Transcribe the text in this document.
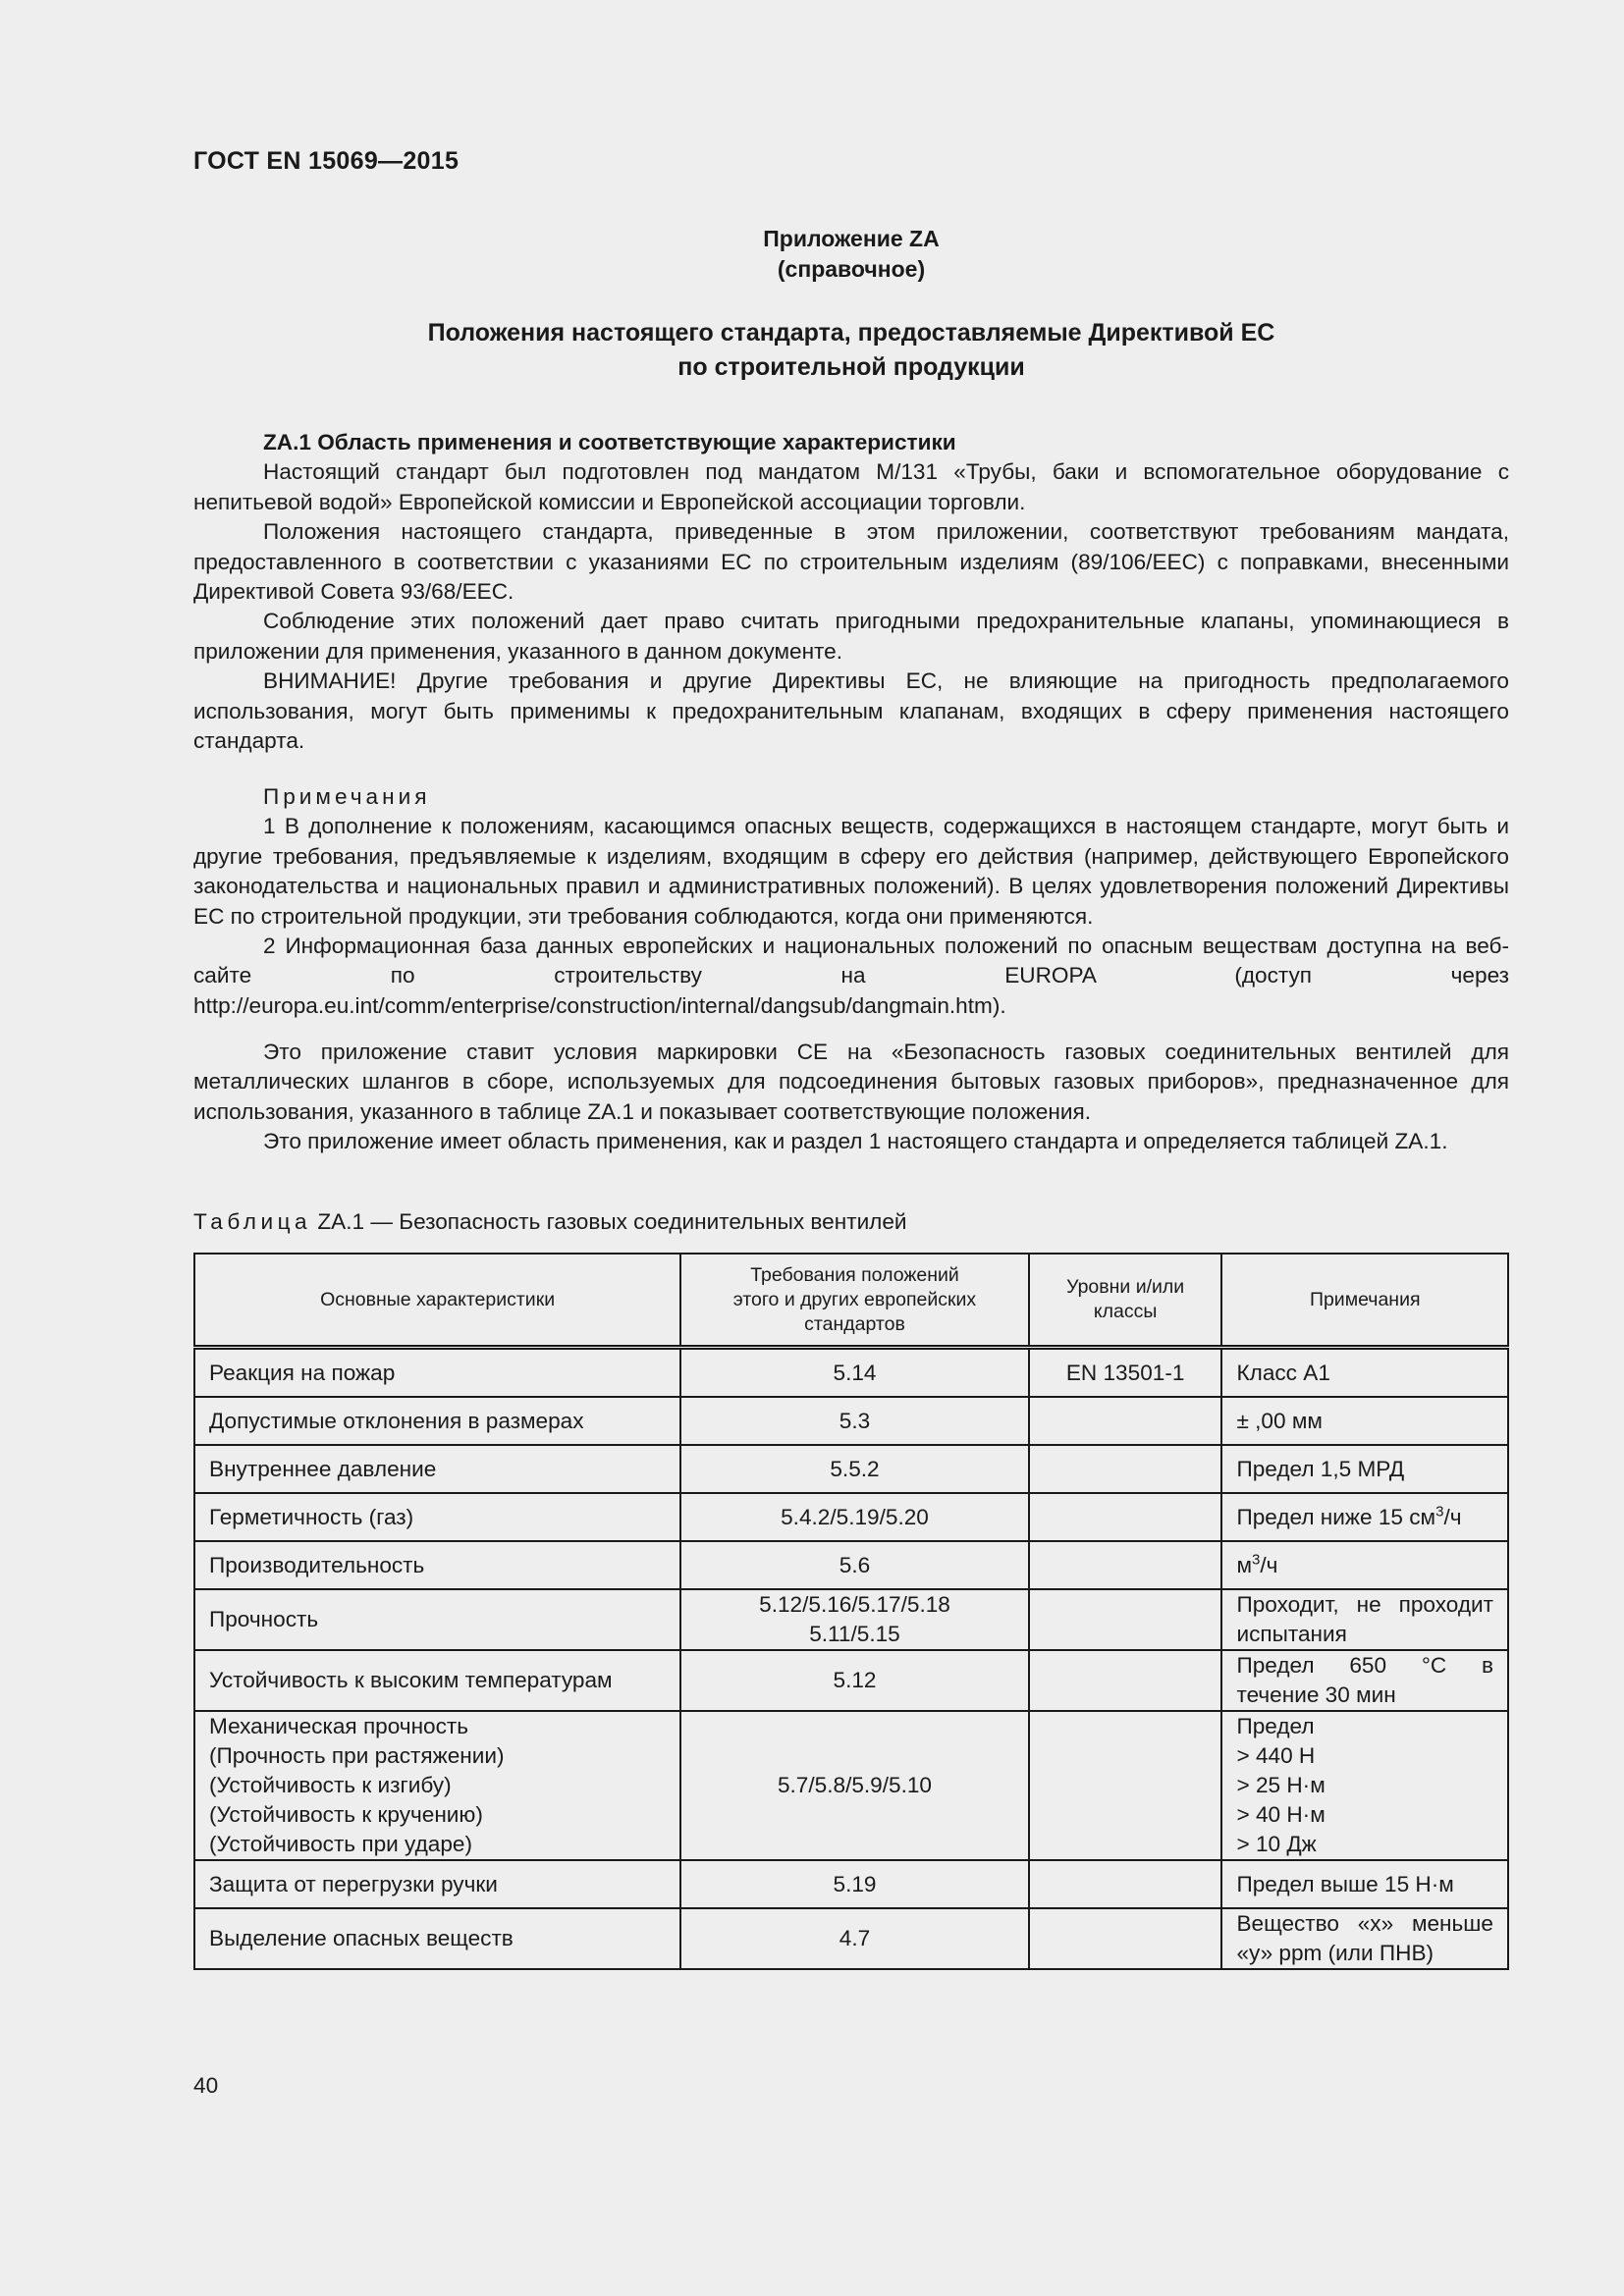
ГОСТ EN 15069—2015
Приложение ZA
(справочное)
Положения настоящего стандарта, предоставляемые Директивой ЕС
по строительной продукции

ZA.1 Область применения и соответствующие характеристики

Настоящий стандарт был подготовлен под мандатом М/131 «Трубы, баки и вспомогательное оборудование с непитьевой водой» Европейской комиссии и Европейской ассоциации торговли.

Положения настоящего стандарта, приведенные в этом приложении, соответствуют требованиям мандата, предоставленного в соответствии с указаниями ЕС по строительным изделиям (89/106/ЕЕС) с поправками, внесенными Директивой Совета 93/68/ЕЕС.

Соблюдение этих положений дает право считать пригодными предохранительные клапаны, упоминающиеся в приложении для применения, указанного в данном документе.

ВНИМАНИЕ! Другие требования и другие Директивы ЕС, не влияющие на пригодность предполагаемого использования, могут быть применимы к предохранительным клапанам, входящих в сферу применения настоящего стандарта.

Примечания

1 В дополнение к положениям, касающимся опасных веществ, содержащихся в настоящем стандарте, могут быть и другие требования, предъявляемые к изделиям, входящим в сферу его действия (например, действующего Европейского законодательства и национальных правил и административных положений). В целях удовлетворения положений Директивы ЕС по строительной продукции, эти требования соблюдаются, когда они применяются.

2 Информационная база данных европейских и национальных положений по опасным веществам доступна на веб-сайте по строительству на EUROPA (доступ через http://europa.eu.int/comm/enterprise/construction/internal/dangsub/dangmain.htm).

Это приложение ставит условия маркировки СЕ на «Безопасность газовых соединительных вентилей для металлических шлангов в сборе, используемых для подсоединения бытовых газовых приборов», предназначенное для использования, указанного в таблице ZA.1 и показывает соответствующие положения.

Это приложение имеет область применения, как и раздел 1 настоящего стандарта и определяется таблицей ZA.1.

Таблица ZA.1 — Безопасность газовых соединительных вентилей
Основные характеристики	Требования положений
этого и других европейских
стандартов	Уровни и/или
классы	Примечания
Реакция на пожар	5.14	EN 13501-1	Класс А1
Допустимые отклонения в размерах	5.3		± ,00 мм
Внутреннее давление	5.5.2		Предел 1,5 МРД
Герметичность (газ)	5.4.2/5.19/5.20		Предел ниже 15 $см^3/ч$
Производительность	5.6		$м^3/ч$
Прочность	5.12/5.16/5.17/5.18
5.11/5.15		Проходит, не проходит испытания
Устойчивость к высоким температурам	5.12		Предел 650 °С в течение 30 мин
Механическая прочность
(Прочность при растяжении)
(Устойчивость к изгибу)
(Устойчивость к кручению)
(Устойчивость при ударе)	5.7/5.8/5.9/5.10		Предел
> 440 Н
> 25 Н·м
> 40 Н·м
> 10 Дж
Защита от перегрузки ручки	5.19		Предел выше 15 Н·м
Выделение опасных веществ	4.7		Вещество «х» меньше «у» ppm (или ПНВ)
40
